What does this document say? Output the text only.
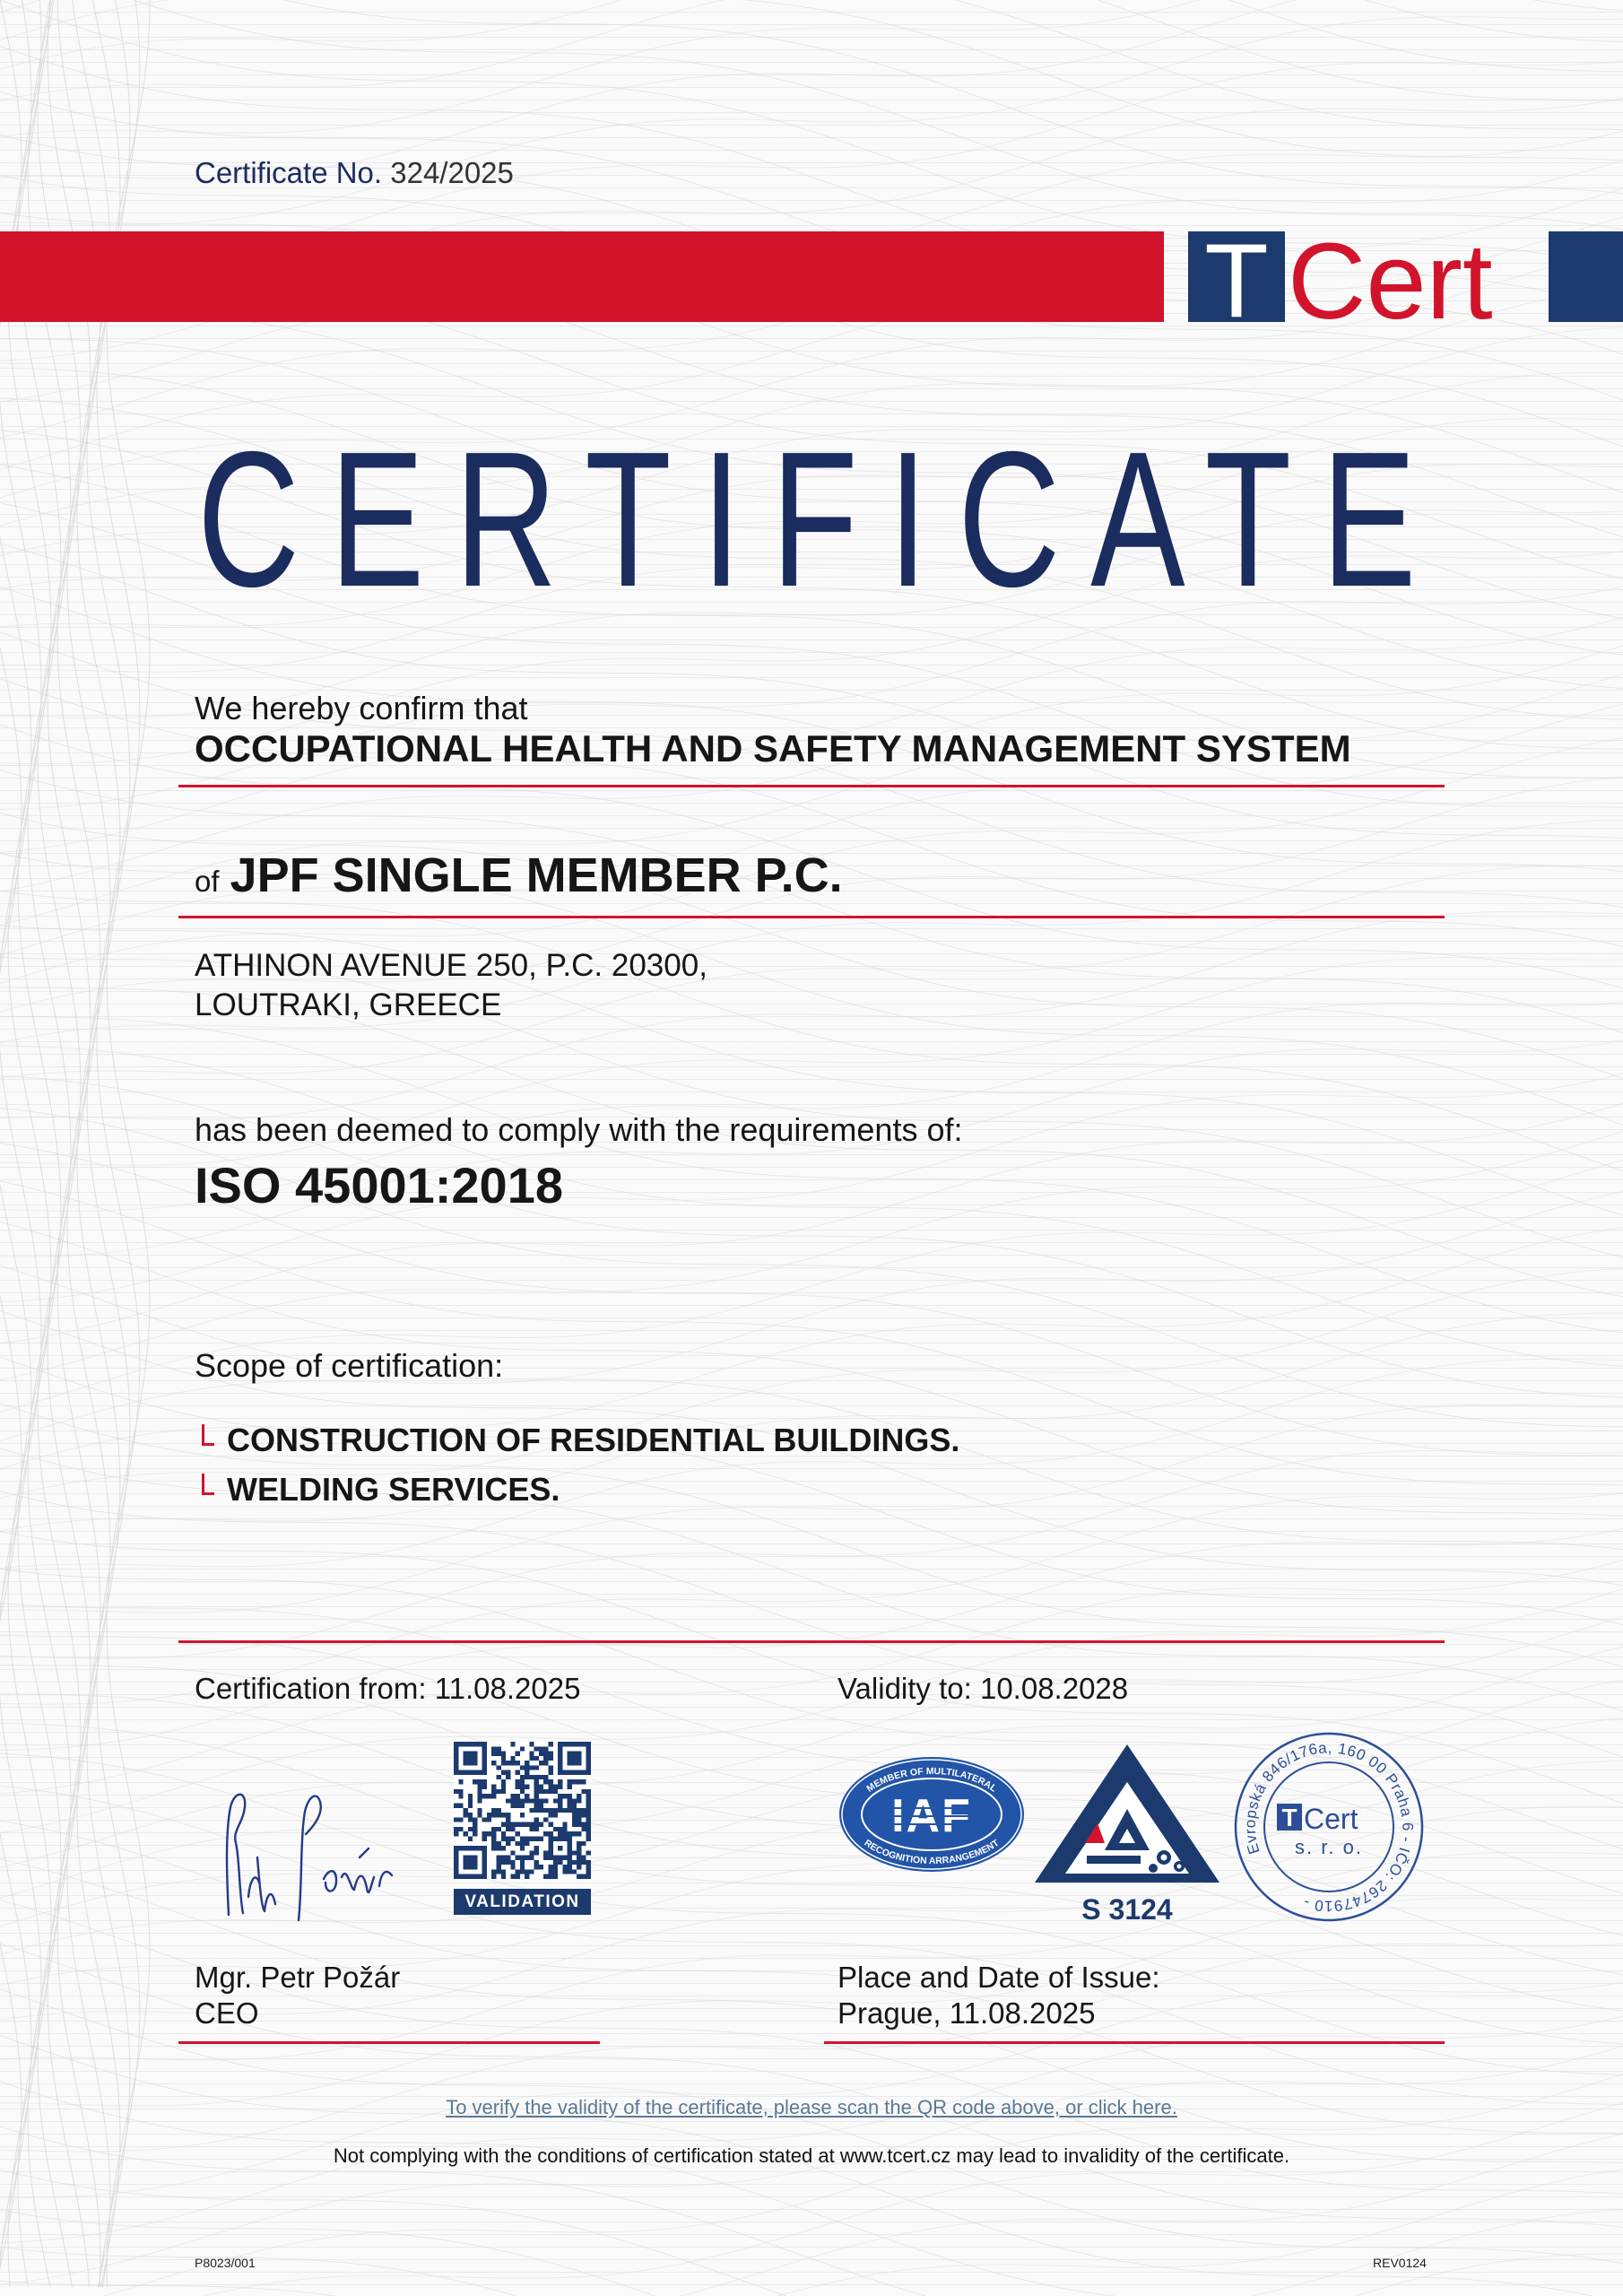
Certificate No. 324/2025
T Cert
CERTIFICATE
We hereby confirm that
OCCUPATIONAL HEALTH AND SAFETY MANAGEMENT SYSTEM
of JPF SINGLE MEMBER P.C.
ATHINON AVENUE 250, P.C. 20300,
LOUTRAKI, GREECE
has been deemed to comply with the requirements of:
ISO 45001:2018
Scope of certification:
CONSTRUCTION OF RESIDENTIAL BUILDINGS.
WELDING SERVICES.
Certification from: 11.08.2025	Validity to: 10.08.2028
VALIDATION
MEMBER OF MULTILATERAL
RECOGNITION ARRANGEMENT
IAF
S 3124
Evropská 846/176a, 160 00 Praha 6 - IČO: 26747910 -
T Cert
s. r. o.
Mgr. Petr Požár
CEO
Place and Date of Issue:
Prague, 11.08.2025
To verify the validity of the certificate, please scan the QR code above, or click here.
Not complying with the conditions of certification stated at www.tcert.cz may lead to invalidity of the certificate.
P8023/001	REV0124
